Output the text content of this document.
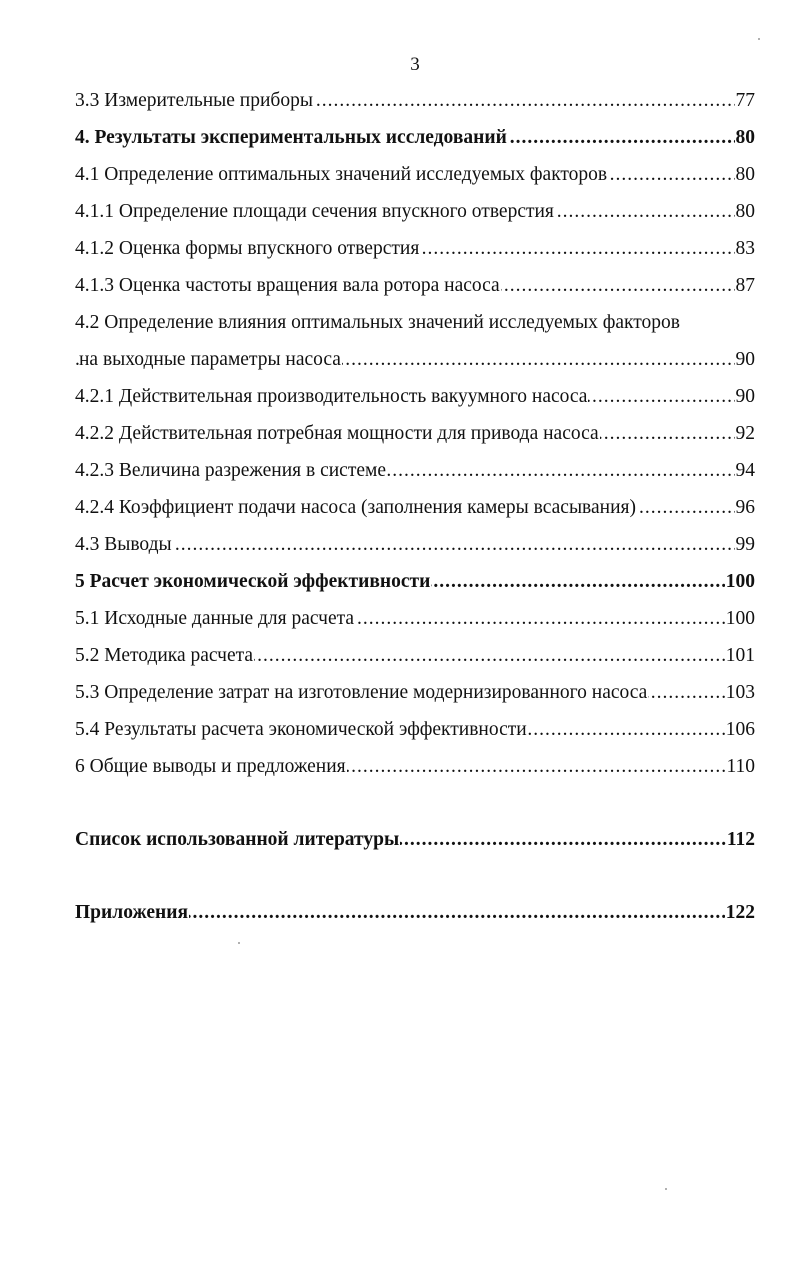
3
.....
3.3 Измерительные приборы	77
.....
4. Результаты экспериментальных исследований	80
.....
4.1 Определение оптимальных значений исследуемых факторов	80
.....
4.1.1 Определение площади сечения впускного отверстия	80
.....
4.1.2 Оценка формы впускного отверстия	83
.....
4.1.3 Оценка частоты вращения вала ротора насоса	87
4.2 Определение влияния оптимальных значений исследуемых факторов
.....
на выходные параметры насоса	90
.....
4.2.1 Действительная производительность вакуумного насоса	90
.....
4.2.2 Действительная потребная мощности для привода насоса	92
.....
4.2.3 Величина разрежения в системе	94
.....
4.2.4 Коэффициент подачи насоса (заполнения камеры всасывания)	96
.....
4.3 Выводы	99
.....
5 Расчет экономической эффективности	100
.....
5.1 Исходные данные для расчета	100
.....
5.2 Методика расчета	101
.....
5.3 Определение затрат на изготовление модернизированного насоса	103
.....
5.4 Результаты расчета экономической эффективности	106
.....
6 Общие выводы и предложения	110
.....
Список использованной литературы	112
.....
Приложения	122
